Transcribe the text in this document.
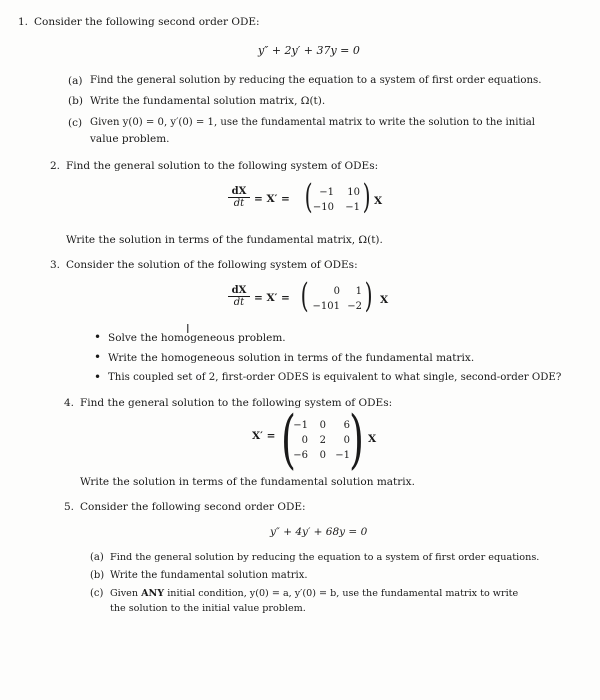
1. Consider the following second order ODE:
y″ + 2y′ + 37y = 0
(a) Find the general solution by reducing the equation to a system of first order equations.
(b) Write the fundamental solution matrix, Ω(t).
(c) Given y(0) = 0, y′(0) = 1, use the fundamental matrix to write the solution to the initial
value problem.
2. Find the general solution to the following system of ODEs:
$\frac{dX}{dt} = X'$ = ( −1	10
−10	−1 ) X
Write the solution in terms of the fundamental matrix, Ω(t).
3. Consider the solution of the following system of ODEs:
$\frac{dX}{dt} = X'$ = (	0	1
−101 −2 ) X
• Solve the homogeneous problem.
I
• Write the homogeneous solution in terms of the fundamental matrix.
• This coupled set of 2, first-order ODES is equivalent to what single, second-order ODE?
4. Find the general solution to the following system of ODEs:
X′ = (
−1	0	6
0	2	0
−6	0 −1
) X
Write the solution in terms of the fundamental solution matrix.
5. Consider the following second order ODE:
y″ + 4y′ + 68y = 0
(a) Find the general solution by reducing the equation to a system of first order equations.
(b) Write the fundamental solution matrix.
(c) Given ANY initial condition, y(0) = a, y′(0) = b, use the fundamental matrix to write
the solution to the initial value problem.
